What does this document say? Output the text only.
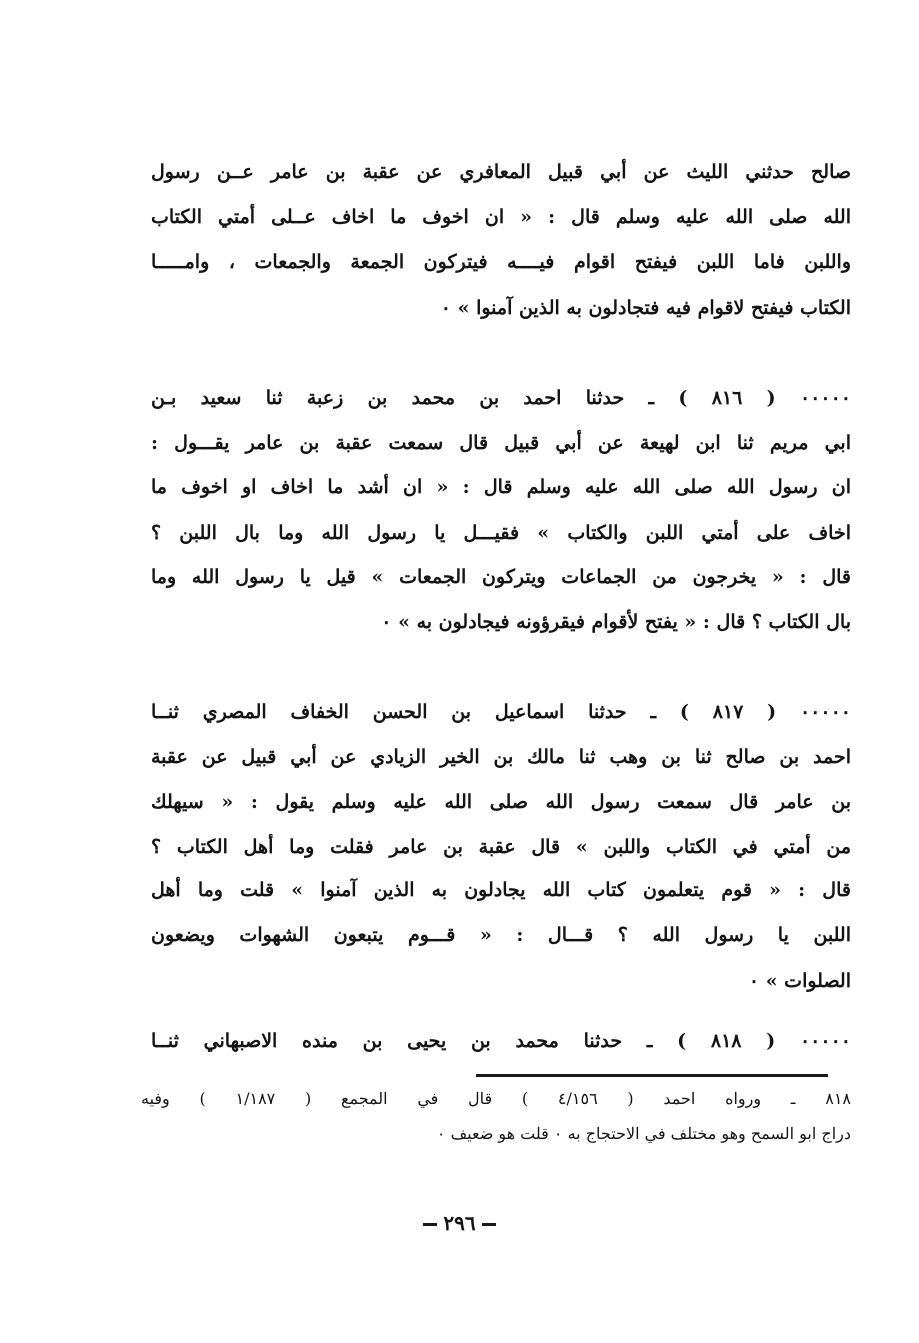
صالح حدثني الليث عن أبي قبيل المعافري عن عقبة بن عامر عــن رسول
الله صلى الله عليه وسلم قال : « ان اخوف ما اخاف عــلى أمتي الكتاب
واللبن فاما اللبن فيفتح اقوام فيــــه فيتركون الجمعة والجمعات ، وامـــــا
الكتاب فيفتح لاقوام فيه فتجادلون به الذين آمنوا » ٠
٠٠٠٠٠ ( ٨١٦ ) ـ حدثنا احمد بن محمد بن زعبة ثنا سعيد بـن
ابي مريم ثنا ابن لهيعة عن أبي قبيل قال سمعت عقبة بن عامر يقـــول :
ان رسول الله صلى الله عليه وسلم قال : « ان أشد ما اخاف او اخوف ما
اخاف على أمتي اللبن والكتاب » فقيـــل يا رسول الله وما بال اللبن ؟
قال : « يخرجون من الجماعات ويتركون الجمعات » قيل يا رسول الله وما
بال الكتاب ؟ قال : « يفتح لأقوام فيقرؤونه فيجادلون به » ٠
٠٠٠٠٠ ( ٨١٧ ) ـ حدثنا اسماعيل بن الحسن الخفاف المصري ثنــا
احمد بن صالح ثنا بن وهب ثنا مالك بن الخير الزيادي عن أبي قبيل عن عقبة
بن عامر قال سمعت رسول الله صلى الله عليه وسلم يقول : « سيهلك
من أمتي في الكتاب واللبن » قال عقبة بن عامر فقلت وما أهل الكتاب ؟
قال : « قوم يتعلمون كتاب الله يجادلون به الذين آمنوا » قلت وما أهل
اللبن يا رسول الله ؟ قـــال : « قـــوم يتبعون الشهوات ويضعون
الصلوات » ٠
٠٠٠٠٠ ( ٨١٨ ) ـ حدثنا محمد بن يحيى بن منده الاصبهاني ثنــا
٨١٨ ـ ورواه احمد ( ٤/١٥٦ ) قال في المجمع ( ١/١٨٧ ) وفيه
دراج ابو السمح وهو مختلف في الاحتجاج به ٠ قلت هو ضعيف ٠
٢٩٦
